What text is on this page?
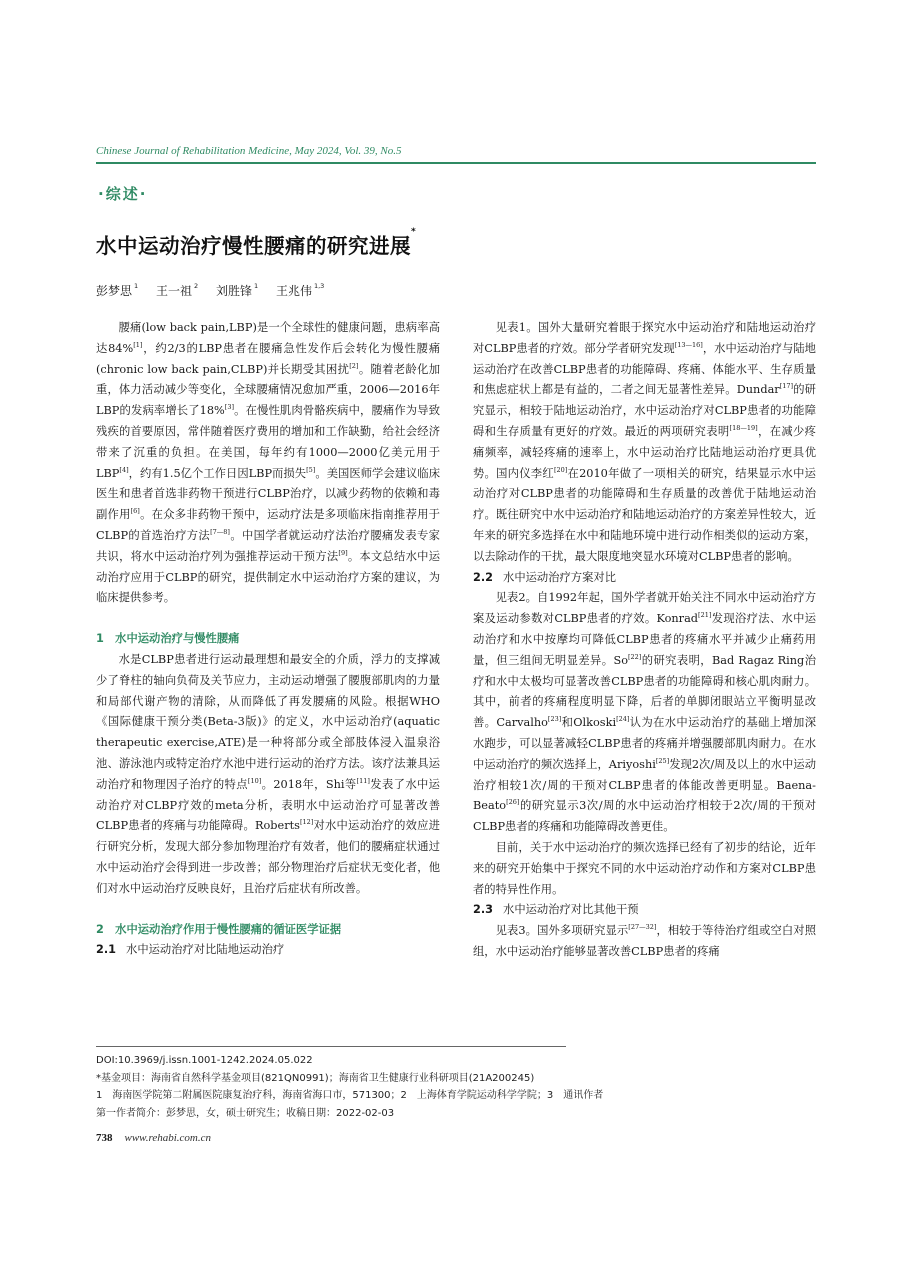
Chinese Journal of Rehabilitation Medicine, May 2024, Vol. 39, No.5
·综述·
水中运动治疗慢性腰痛的研究进展*
彭梦思 $^1$ 王一祖 $^2$ 刘胜锋 $^1$ 王兆伟 $^{1,3}$

腰痛(low back pain,LBP)是一个全球性的健康问题，患病率高达84%[1]，约2/3的LBP患者在腰痛急性发作后会转化为慢性腰痛(chronic low back pain,CLBP)并长期受其困扰[2]。随着老龄化加重，体力活动减少等变化，全球腰痛情况愈加严重，2006—2016年LBP的发病率增长了18%[3]。在慢性肌肉骨骼疾病中，腰痛作为导致残疾的首要原因，常伴随着医疗费用的增加和工作缺勤，给社会经济带来了沉重的负担。在美国，每年约有1000—2000亿美元用于LBP[4]，约有1.5亿个工作日因LBP而损失[5]。美国医师学会建议临床医生和患者首选非药物干预进行CLBP治疗，以减少药物的依赖和毒副作用[6]。在众多非药物干预中，运动疗法是多项临床指南推荐用于CLBP的首选治疗方法[7—8]。中国学者就运动疗法治疗腰痛发表专家共识，将水中运动治疗列为强推荐运动干预方法[9]。本文总结水中运动治疗应用于CLBP的研究，提供制定水中运动治疗方案的建议，为临床提供参考。

1　水中运动治疗与慢性腰痛

水是CLBP患者进行运动最理想和最安全的介质，浮力的支撑减少了脊柱的轴向负荷及关节应力，主动运动增强了腰腹部肌肉的力量和局部代谢产物的清除，从而降低了再发腰痛的风险。根据WHO《国际健康干预分类(Beta-3版)》的定义，水中运动治疗(aquatic therapeutic exercise,ATE)是一种将部分或全部肢体浸入温泉浴池、游泳池内或特定治疗水池中进行运动的治疗方法。该疗法兼具运动治疗和物理因子治疗的特点[10]。2018年，Shi等[11]发表了水中运动治疗对CLBP疗效的meta分析，表明水中运动治疗可显著改善CLBP患者的疼痛与功能障碍。Roberts[12]对水中运动治疗的效应进行研究分析，发现大部分参加物理治疗有效者，他们的腰痛症状通过水中运动治疗会得到进一步改善；部分物理治疗后症状无变化者，他们对水中运动治疗反映良好，且治疗后症状有所改善。

2　水中运动治疗作用于慢性腰痛的循证医学证据
2.1 水中运动治疗对比陆地运动治疗

见表1。国外大量研究着眼于探究水中运动治疗和陆地运动治疗对CLBP患者的疗效。部分学者研究发现[13—16]，水中运动治疗与陆地运动治疗在改善CLBP患者的功能障碍、疼痛、体能水平、生存质量和焦虑症状上都是有益的，二者之间无显著性差异。Dundar[17]的研究显示，相较于陆地运动治疗，水中运动治疗对CLBP患者的功能障碍和生存质量有更好的疗效。最近的两项研究表明[18—19]，在减少疼痛频率，减轻疼痛的速率上，水中运动治疗比陆地运动治疗更具优势。国内仪李红[20]在2010年做了一项相关的研究，结果显示水中运动治疗对CLBP患者的功能障碍和生存质量的改善优于陆地运动治疗。既往研究中水中运动治疗和陆地运动治疗的方案差异性较大，近年来的研究多选择在水中和陆地环境中进行动作相类似的运动方案，以去除动作的干扰，最大限度地突显水环境对CLBP患者的影响。

2.2 水中运动治疗方案对比

见表2。自1992年起，国外学者就开始关注不同水中运动治疗方案及运动参数对CLBP患者的疗效。Konrad[21]发现浴疗法、水中运动治疗和水中按摩均可降低CLBP患者的疼痛水平并减少止痛药用量，但三组间无明显差异。So[22]的研究表明，Bad Ragaz Ring治疗和水中太极均可显著改善CLBP患者的功能障碍和核心肌肉耐力。其中，前者的疼痛程度明显下降，后者的单脚闭眼站立平衡明显改善。Carvalho[23]和Olkoski[24]认为在水中运动治疗的基础上增加深水跑步，可以显著减轻CLBP患者的疼痛并增强腰部肌肉耐力。在水中运动治疗的频次选择上，Ariyoshi[25]发现2次/周及以上的水中运动治疗相较1次/周的干预对CLBP患者的体能改善更明显。Baena-Beato[26]的研究显示3次/周的水中运动治疗相较于2次/周的干预对CLBP患者的疼痛和功能障碍改善更佳。

目前，关于水中运动治疗的频次选择已经有了初步的结论，近年来的研究开始集中于探究不同的水中运动治疗动作和方案对CLBP患者的特异性作用。

2.3 水中运动治疗对比其他干预

见表3。国外多项研究显示[27—32]，相较于等待治疗组或空白对照组，水中运动治疗能够显著改善CLBP患者的疼痛

DOI:10.3969/j.issn.1001-1242.2024.05.022
*基金项目：海南省自然科学基金项目(821QN0991)；海南省卫生健康行业科研项目(21A200245)
1　海南医学院第二附属医院康复治疗科，海南省海口市，571300；2　上海体育学院运动科学学院；3　通讯作者
第一作者简介：彭梦思，女，硕士研究生；收稿日期：2022-02-03
738 www.rehabi.com.cn
